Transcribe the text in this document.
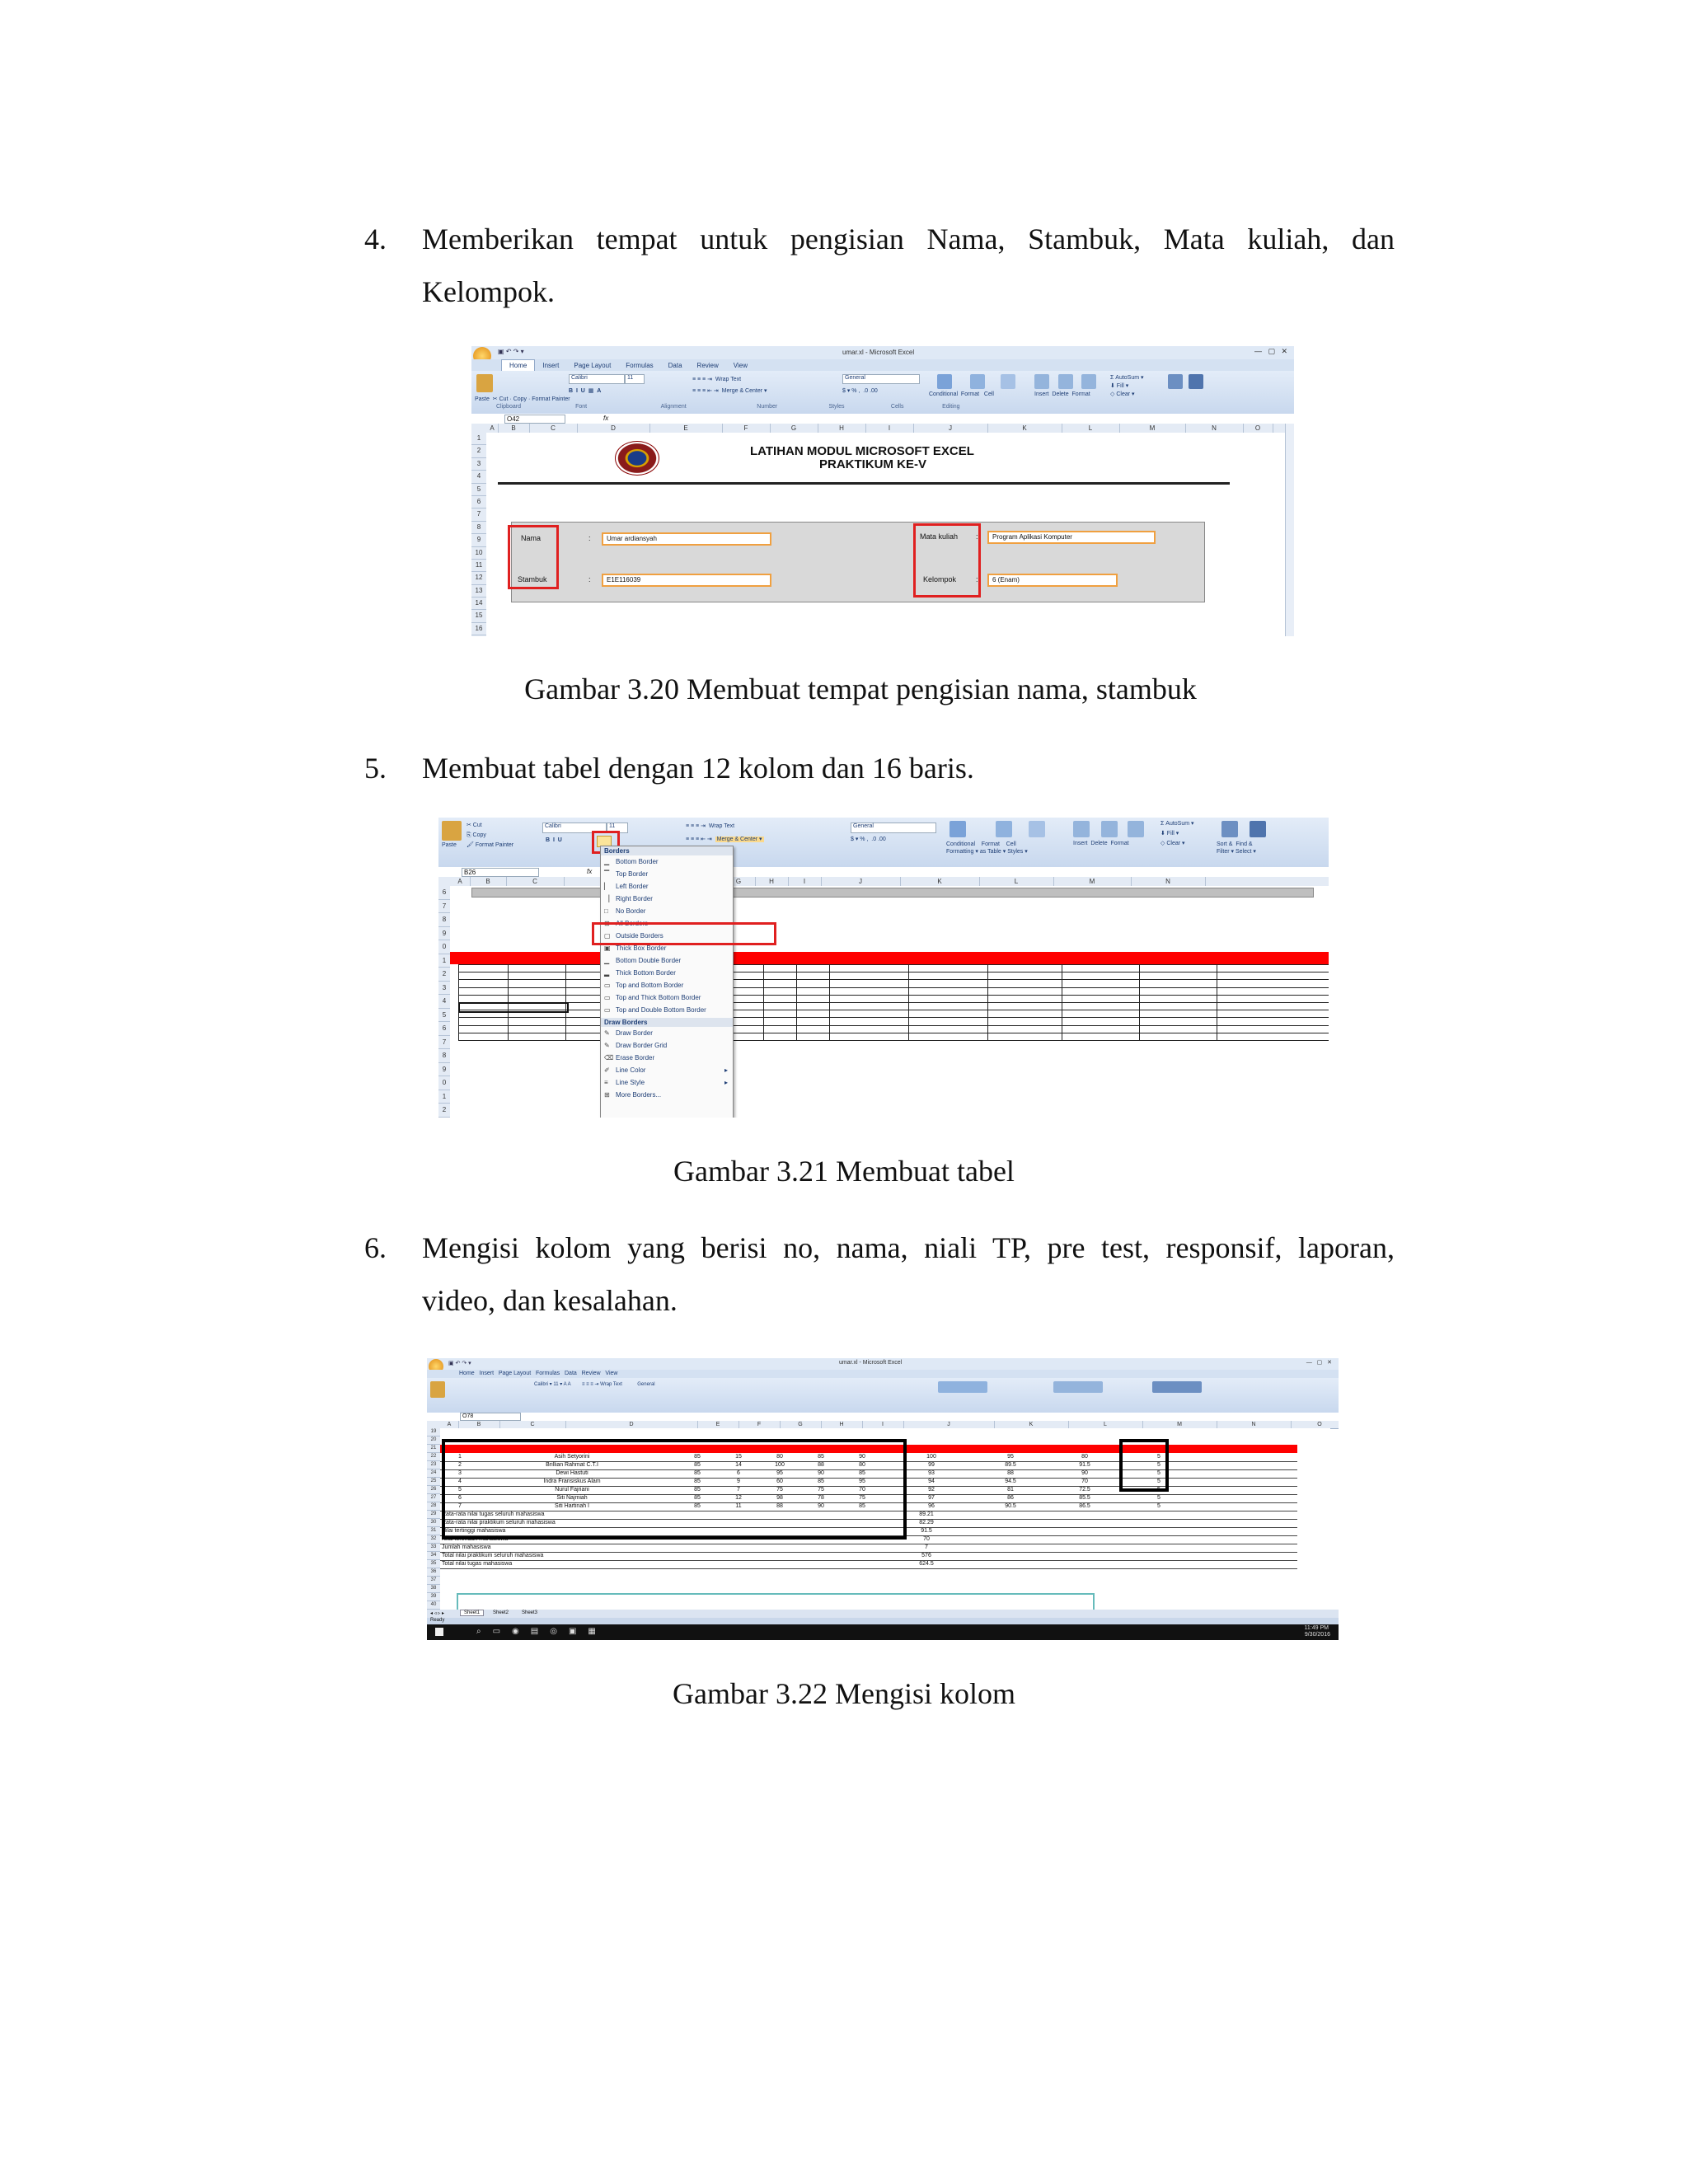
4. Memberikan tempat untuk pengisian Nama, Stambuk, Mata kuliah, dan
Kelompok.
▣ ↶ ↷ ▾	umar.xl - Microsoft Excel	—   ▢   ✕
Home Insert Page Layout Formulas Data Review View
Paste  ✂ Cut · Copy · Format Painter
Calibri	11
B  I  U  ▦  A
≡ ≡ ≡ ⇥  Wrap Text
≡ ≡ ≡ ⇤ ⇥  Merge & Center ▾
General
$ ▾ % ,  .0 .00
Conditional  Format   Cell	Insert  Delete  Format
Σ AutoSum ▾
⬇ Fill ▾
◇ Clear ▾
Clipboard	Font	Alignment	Number	Styles	Cells	Editing
O42	fx
A	B	C	D	E	F	G	H	I	J	K	L	M	N	O
1
2
3
4
5
6
7
8
9
10
11
12
13
14
15
16
LATIHAN MODUL MICROSOFT EXCEL
PRAKTIKUM KE-V
Nama	:	Umar ardiansyah
Stambuk	:	E1E116039
Mata kuliah :	Program Aplikasi Komputer
Kelompok	:	6 (Enam)
Gambar 3.20 Membuat tempat pengisian nama, stambuk
5. Membuat tabel dengan 12 kolom dan 16 baris.
✂ Cut
⎘ Copy
🖌 Format Painter
Paste
Calibri	11
B  I  U
≡ ≡ ≡ ⇥  Wrap Text
≡ ≡ ≡ ⇤ ⇥  Merge & Center ▾
General
$ ▾ % ,  .0 .00
Conditional    Format    Cell
Formatting ▾ as Table ▾ Styles ▾
Insert  Delete  Format
Σ AutoSum ▾
⬇ Fill ▾
◇ Clear ▾	Sort &  Find &
Filter ▾ Select ▾
B26	fx
A	B	C	G	H	I	J	K	L	M	N
6
7
8
9
0
1
2
3
4
5
6
7
8
9
0
1
2
Borders
▁ Bottom Border
▔ Top Border
▏ Left Border
▕ Right Border
□ No Border
⊞ All Borders
▢ Outside Borders
▣ Thick Box Border
▁ Bottom Double Border
▂ Thick Bottom Border
▭ Top and Bottom Border
▭ Top and Thick Bottom Border
▭ Top and Double Bottom Border
Draw Borders
✎ Draw Border
✎ Draw Border Grid
⌫ Erase Border
✐ Line Color	▸
≡ Line Style	▸
⊞ More Borders...
Gambar 3.21 Membuat tabel
6. Mengisi kolom yang berisi no, nama, niali TP, pre test, responsif, laporan,
video, dan kesalahan.
▣ ↶ ↷ ▾	umar.xl - Microsoft Excel	—   ▢   ✕
Home   Insert   Page Layout   Formulas   Data   Review   View
Calibri ▾ 11 ▾ A A        ≡ ≡ ≡ ⇥ Wrap Text           General
O78
A	B	C	D	E	F	G	H	I	J	K	L	M	N	O
19
20
21
22
23
24
25
26
27
28
29
30
31
32
33
34
35
36
37
38
39
40
1	Asih Setyorini	85	15	80	85	90	100	95	80	5
2	Brillian Rahmat C.T.I	85	14	100	88	80	99	89.5	91.5	5
3	Dewi Hastuti	85	6	95	90	85	93	88	90	5
4	Indra Fransiskus Alam	85	9	60	85	95	94	94.5	70	5
5	Nurul Fajriani	85	7	75	75	70	92	81	72.5	5
6	Siti Najmiah	85	12	98	78	75	97	86	85.5	5
7	Siti Hartinah I	85	11	88	90	85	96	90.5	86.5	5
Rata-rata nilai tugas seluruh mahasiswa	89.21
Rata-rata nilai praktikum seluruh mahasiswa	82.29
Nilai tertinggi mahasiswa	91.5
Nilai terendah mahasiswa	70
Jumlah mahasiswa	7
Total nilai praktikum seluruh mahasiswa	576
Total nilai tugas mahasiswa	624.5
◂ ◃ ▹ ▸	Sheet1	Sheet2	Sheet3
Ready
⌕▭◉▤◎▣▦	11:49 PM
9/30/2016
Gambar 3.22 Mengisi kolom
